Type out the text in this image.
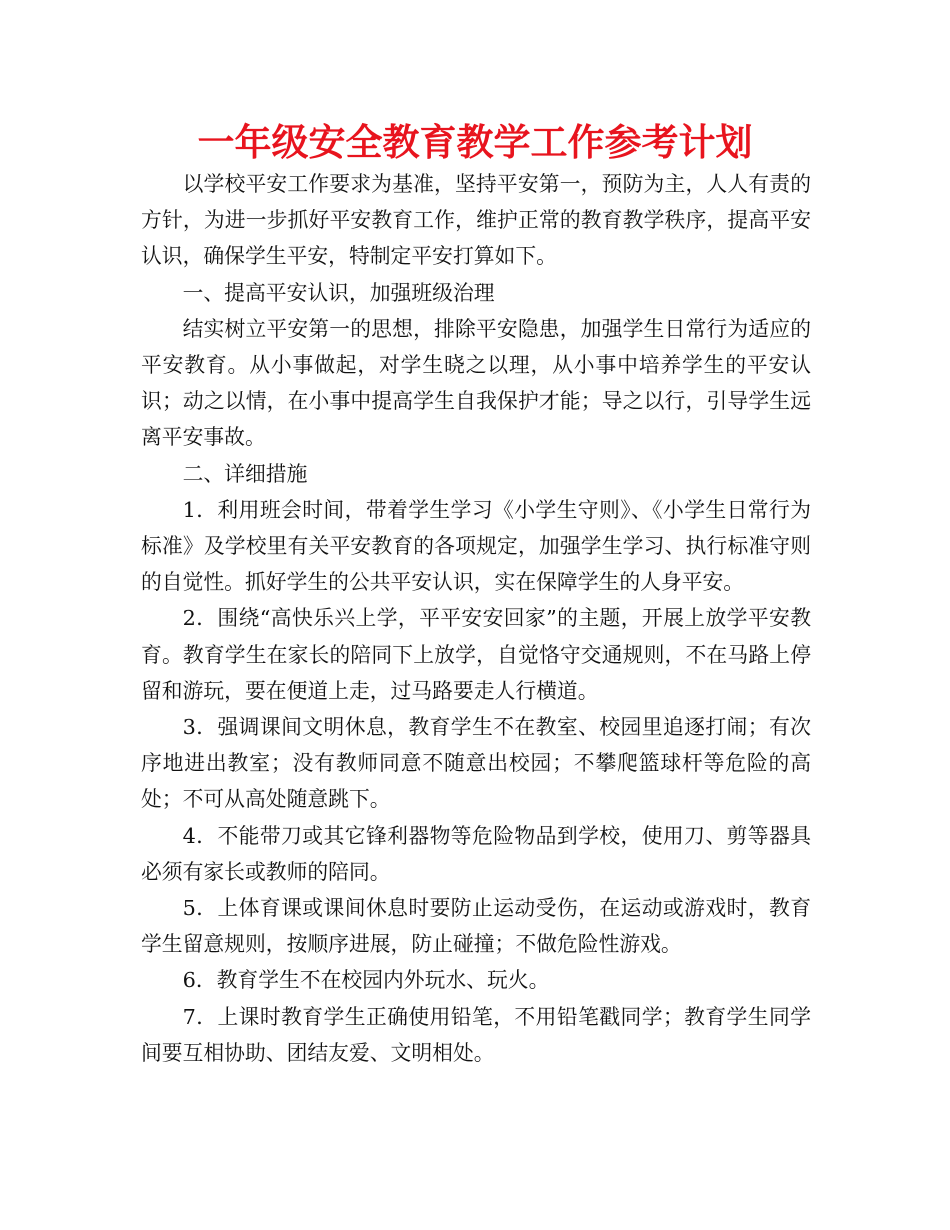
一年级安全教育教学工作参考计划

以学校平安工作要求为基准，坚持平安第一，预防为主，人人有责的方针，为进一步抓好平安教育工作，维护正常的教育教学秩序，提高平安认识，确保学生平安，特制定平安打算如下。

一、提高平安认识，加强班级治理

结实树立平安第一的思想，排除平安隐患，加强学生日常行为适应的平安教育。从小事做起，对学生晓之以理，从小事中培养学生的平安认识；动之以情，在小事中提高学生自我保护才能；导之以行，引导学生远离平安事故。

二、详细措施

1．利用班会时间，带着学生学习《小学生守则》、《小学生日常行为标准》及学校里有关平安教育的各项规定，加强学生学习、执行标准守则的自觉性。抓好学生的公共平安认识，实在保障学生的人身平安。

2．围绕“高快乐兴上学，平平安安回家”的主题，开展上放学平安教育。教育学生在家长的陪同下上放学，自觉恪守交通规则，不在马路上停留和游玩，要在便道上走，过马路要走人行横道。

3．强调课间文明休息，教育学生不在教室、校园里追逐打闹；有次序地进出教室；没有教师同意不随意出校园；不攀爬篮球杆等危险的高处；不可从高处随意跳下。

4．不能带刀或其它锋利器物等危险物品到学校，使用刀、剪等器具必须有家长或教师的陪同。

5．上体育课或课间休息时要防止运动受伤，在运动或游戏时，教育学生留意规则，按顺序进展，防止碰撞；不做危险性游戏。

6．教育学生不在校园内外玩水、玩火。

7．上课时教育学生正确使用铅笔，不用铅笔戳同学；教育学生同学间要互相协助、团结友爱、文明相处。
